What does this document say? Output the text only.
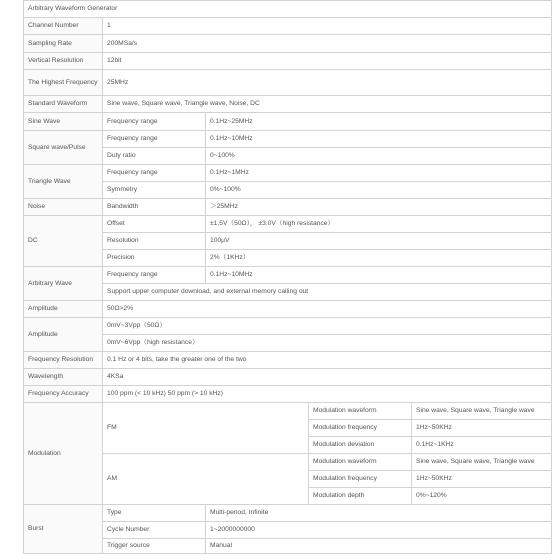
Arbitrary Waveform Generator				
Channel Number	1			
Sampling Rate	200MSa/s			
Vertical Resolution	12bit			
The Highest Frequency	25MHz			
Standard Waveform	Sine wave, Square wave, Triangle wave, Noise, DC			
Sine Wave	Frequency range	0.1Hz~25MHz		
Square wave/Pulse	Frequency range	0.1Hz~10MHz		
	Duty ratio	0~100%		
Triangle Wave	Frequency range	0.1Hz~1MHz		
	Symmetry	0%~100%		
Noise	Bandwidth	＞25MHz		
DC	Offset	±1.5V（50Ω）， ±3.0V（high resistance）		
	Resolution	100μV		
	Precision	2%（1KHz）		
Arbitrary Wave	Frequency range	0.1Hz~10MHz		
	Support upper computer download, and external memory calling out			
Amplitude	50Ω>2%			
Amplitude	0mV~3Vpp（50Ω）			
	0mV~6Vpp（high resistance）			
Frequency Resolution	0.1 Hz or 4 bits, take the greater one of the two			
Wavelength	4KSa			
Frequency Accuracy	100 ppm (< 10 kHz) 50 ppm (> 10 kHz)			
Modulation	FM		Modulation waveform	Sine wave, Square wave, Triangle wave
			Modulation frequency	1Hz~50KHz
			Modulation deviation	0.1Hz~1KHz
	AM		Modulation waveform	Sine wave, Square wave, Triangle wave
			Modulation frequency	1Hz~50KHz
			Modulation depth	0%~120%
Burst	Type	Multi-period, Infinite		
	Cycle Number	1~2000000000		
	Trigger source	Manual		
